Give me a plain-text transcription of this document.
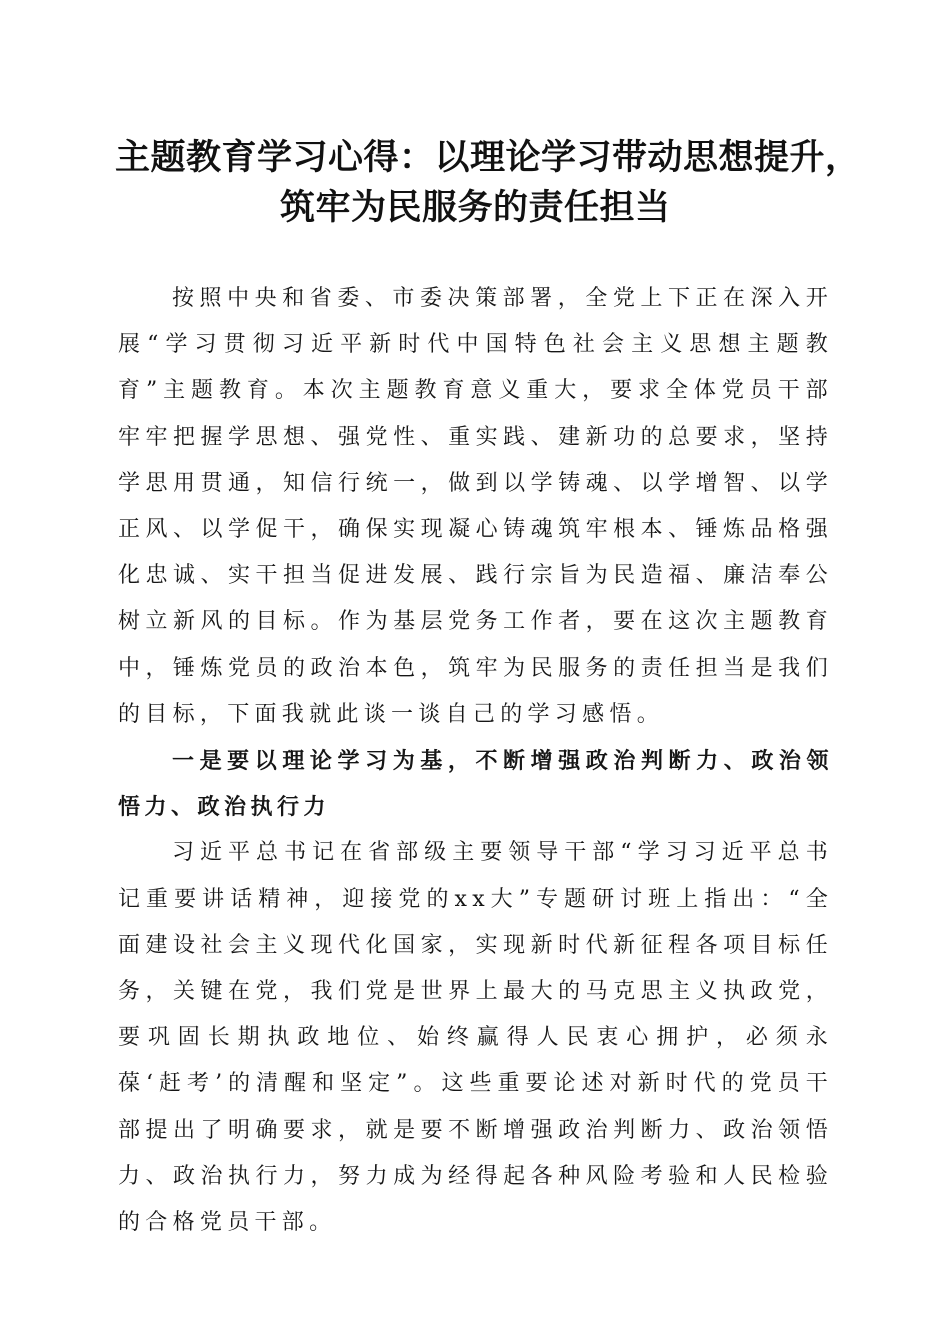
主题教育学习心得：以理论学习带动思想提升，
筑牢为民服务的责任担当

按照中央和省委、市委决策部署，全党上下正在深入开展“学习贯彻习近平新时代中国特色社会主义思想主题教育”主题教育。本次主题教育意义重大，要求全体党员干部牢牢把握学思想、强党性、重实践、建新功的总要求，坚持学思用贯通，知信行统一，做到以学铸魂、以学增智、以学正风、以学促干，确保实现凝心铸魂筑牢根本、锤炼品格强化忠诚、实干担当促进发展、践行宗旨为民造福、廉洁奉公树立新风的目标。作为基层党务工作者，要在这次主题教育中，锤炼党员的政治本色，筑牢为民服务的责任担当是我们的目标，下面我就此谈一谈自己的学习感悟。

一是要以理论学习为基，不断增强政治判断力、政治领悟力、政治执行力

习近平总书记在省部级主要领导干部“学习习近平总书记重要讲话精神，迎接党的xx大”专题研讨班上指出：“全面建设社会主义现代化国家，实现新时代新征程各项目标任务，关键在党，我们党是世界上最大的马克思主义执政党，要巩固长期执政地位、始终赢得人民衷心拥护，必须永葆‘赶考’的清醒和坚定”。这些重要论述对新时代的党员干部提出了明确要求，就是要不断增强政治判断力、政治领悟力、政治执行力，努力成为经得起各种风险考验和人民检验的合格党员干部。
